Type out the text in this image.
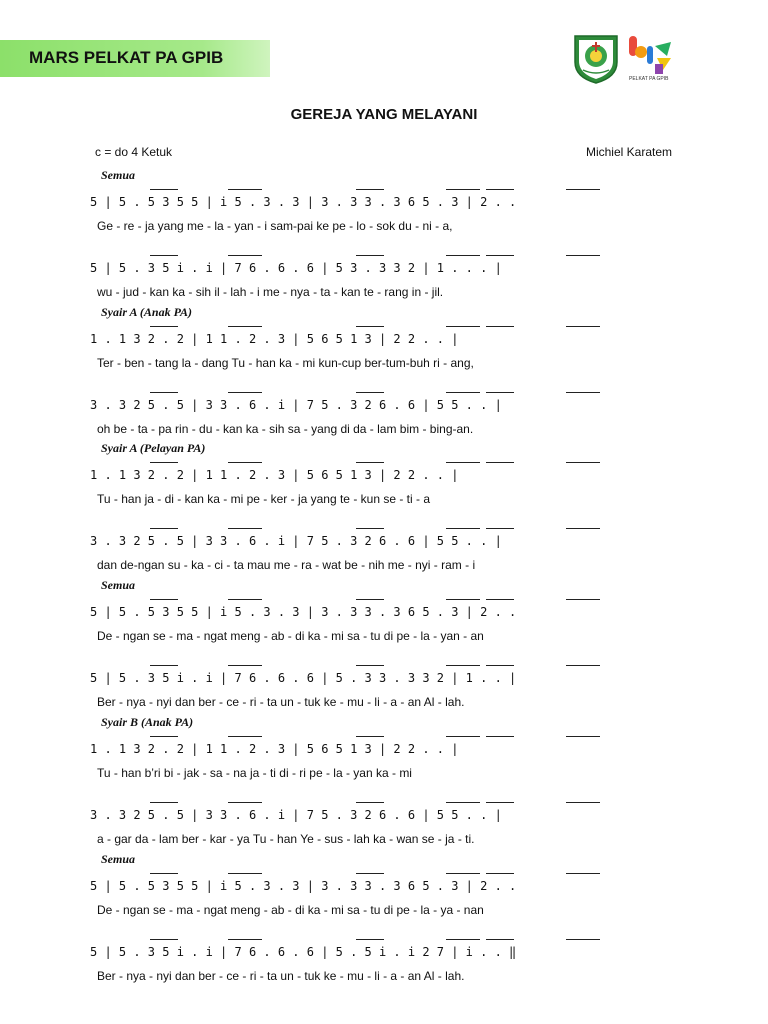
MARS PELKAT PA GPIB
PELKAT PA GPIB
GEREJA YANG MELAYANI
c = do 4 Ketuk	Michiel Karatem
Semua
5 | 5 . 5 3 5 5 | i 5 . 3 . 3 | 3 . 3 3 . 3 6 5 . 3 | 2 . .
Ge - re - ja yang me - la - yan - i sam-pai ke pe - lo - sok du - ni - a,
5 | 5 . 3 5 i . i | 7 6 . 6 . 6 | 5 3 . 3 3 2 | 1 . . . |
wu - jud - kan ka - sih il - lah - i me - nya - ta - kan te - rang in - jil.
Syair A (Anak PA)
1 . 1 3 2 . 2 | 1 1 . 2 . 3 | 5 6 5 1 3 | 2 2 . . |
Ter - ben - tang la - dang Tu - han ka - mi kun-cup ber-tum-buh ri - ang,
3 . 3 2 5 . 5 | 3 3 . 6 . i | 7 5 . 3 2 6 . 6 | 5 5 . . |
oh be - ta - pa rin - du - kan ka - sih sa - yang di da - lam bim - bing-an.
Syair A (Pelayan PA)
1 . 1 3 2 . 2 | 1 1 . 2 . 3 | 5 6 5 1 3 | 2 2 . . |
Tu - han ja - di - kan ka - mi pe - ker - ja yang te - kun se - ti - a
3 . 3 2 5 . 5 | 3 3 . 6 . i | 7 5 . 3 2 6 . 6 | 5 5 . . |
dan de-ngan su - ka - ci - ta mau me - ra - wat be - nih me - nyi - ram - i
Semua
5 | 5 . 5 3 5 5 | i 5 . 3 . 3 | 3 . 3 3 . 3 6 5 . 3 | 2 . .
De - ngan se - ma - ngat meng - ab - di ka - mi sa - tu di pe - la - yan - an
5 | 5 . 3 5 i . i | 7 6 . 6 . 6 | 5 . 3 3 . 3 3 2 | 1 . . |
Ber - nya - nyi dan ber - ce - ri - ta un - tuk ke - mu - li - a - an Al - lah.
Syair B (Anak PA)
1 . 1 3 2 . 2 | 1 1 . 2 . 3 | 5 6 5 1 3 | 2 2 . . |
Tu - han b’ri bi - jak - sa - na ja - ti di - ri pe - la - yan ka - mi
3 . 3 2 5 . 5 | 3 3 . 6 . i | 7 5 . 3 2 6 . 6 | 5 5 . . |
a - gar da - lam ber - kar - ya Tu - han Ye - sus - lah ka - wan se - ja - ti.
Semua
5 | 5 . 5 3 5 5 | i 5 . 3 . 3 | 3 . 3 3 . 3 6 5 . 3 | 2 . .
De - ngan se - ma - ngat meng - ab - di ka - mi sa - tu di pe - la - ya - nan
5 | 5 . 3 5 i . i | 7 6 . 6 . 6 | 5 . 5 i . i 2 7 | i . . ‖
Ber - nya - nyi dan ber - ce - ri - ta un - tuk ke - mu - li - a - an Al - lah.
